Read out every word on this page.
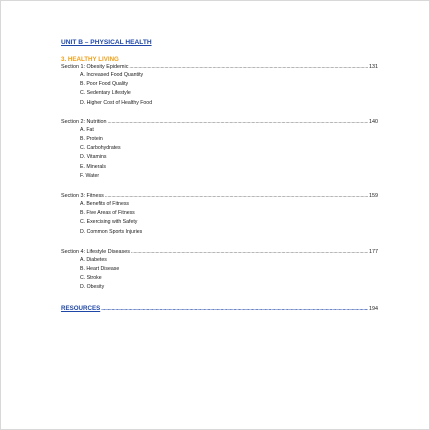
UNIT B – PHYSICAL HEALTH
3. HEALTHY LIVING
Section 1: Obesity Epidemic .....	131
A. Increased Food Quantity
B. Poor Food Quality
C. Sedentary Lifestyle
D. Higher Cost of Healthy Food
Section 2: Nutrition .....	140
A. Fat
B. Protein
C. Carbohydrates
D. Vitamins
E. Minerals
F. Water
Section 3: Fitness .....	159
A. Benefits of Fitness
B. Five Areas of Fitness
C. Exercising with Safety
D. Common Sports Injuries
Section 4: Lifestyle Diseases .....	177
A. Diabetes
B. Heart Disease
C. Stroke
D. Obesity
RESOURCES .....	194
